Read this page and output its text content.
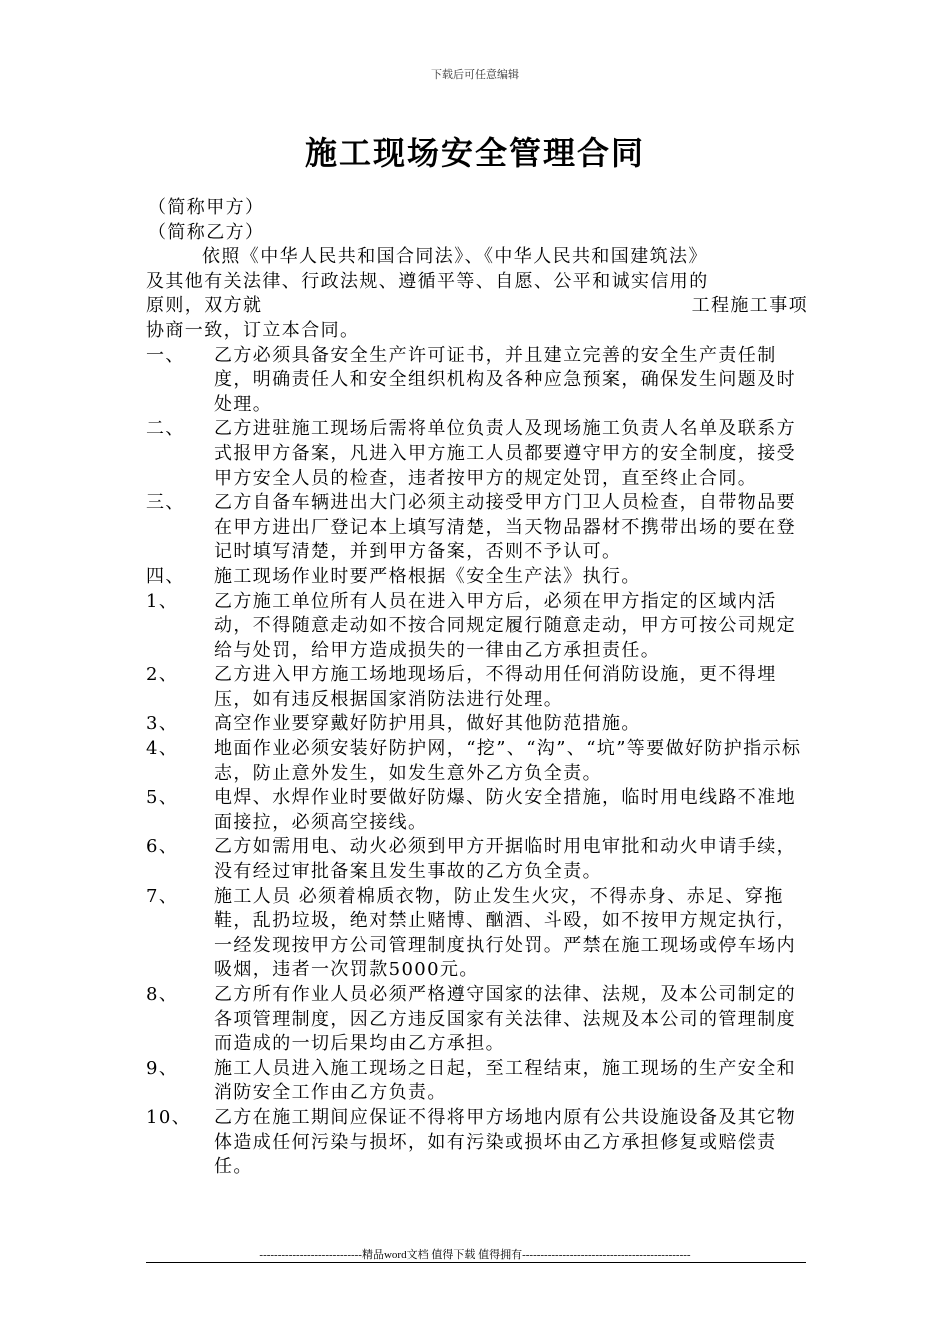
下载后可任意编辑
施工现场安全管理合同
（简称甲方）
（简称乙方）
依照《中华人民共和国合同法》、《中华人民共和国建筑法》
及其他有关法律、行政法规、遵循平等、自愿、公平和诚实信用的
原则，双方就	工程施工事项
协商一致，订立本合同。
一、	乙方必须具备安全生产许可证书，并且建立完善的安全生产责任制度，明确责任人和安全组织机构及各种应急预案，确保发生问题及时处理。
二、	乙方进驻施工现场后需将单位负责人及现场施工负责人名单及联系方式报甲方备案，凡进入甲方施工人员都要遵守甲方的安全制度，接受甲方安全人员的检查，违者按甲方的规定处罚，直至终止合同。
三、	乙方自备车辆进出大门必须主动接受甲方门卫人员检查，自带物品要在甲方进出厂登记本上填写清楚，当天物品器材不携带出场的要在登记时填写清楚，并到甲方备案，否则不予认可。
四、	施工现场作业时要严格根据《安全生产法》执行。
1、	乙方施工单位所有人员在进入甲方后，必须在甲方指定的区域内活动，不得随意走动如不按合同规定履行随意走动，甲方可按公司规定给与处罚，给甲方造成损失的一律由乙方承担责任。
2、	乙方进入甲方施工场地现场后，不得动用任何消防设施，更不得埋压，如有违反根据国家消防法进行处理。
3、	高空作业要穿戴好防护用具，做好其他防范措施。
4、	地面作业必须安装好防护网，“挖”、“沟”、“坑”等要做好防护指示标志，防止意外发生，如发生意外乙方负全责。
5、	电焊、水焊作业时要做好防爆、防火安全措施，临时用电线路不准地面接拉，必须高空接线。
6、	乙方如需用电、动火必须到甲方开据临时用电审批和动火申请手续，没有经过审批备案且发生事故的乙方负全责。
7、	施工人员 必须着棉质衣物，防止发生火灾，不得赤身、赤足、穿拖鞋，乱扔垃圾，绝对禁止赌博、酗酒、斗殴，如不按甲方规定执行，一经发现按甲方公司管理制度执行处罚。严禁在施工现场或停车场内吸烟，违者一次罚款5000元。
8、	乙方所有作业人员必须严格遵守国家的法律、法规，及本公司制定的各项管理制度，因乙方违反国家有关法律、法规及本公司的管理制度而造成的一切后果均由乙方承担。
9、	施工人员进入施工现场之日起，至工程结束，施工现场的生产安全和消防安全工作由乙方负责。
10、	乙方在施工期间应保证不得将甲方场地内原有公共设施设备及其它物体造成任何污染与损坏，如有污染或损坏由乙方承担修复或赔偿责任。
----------------------------精品word文档 值得下载 值得拥有----------------------------------------------
